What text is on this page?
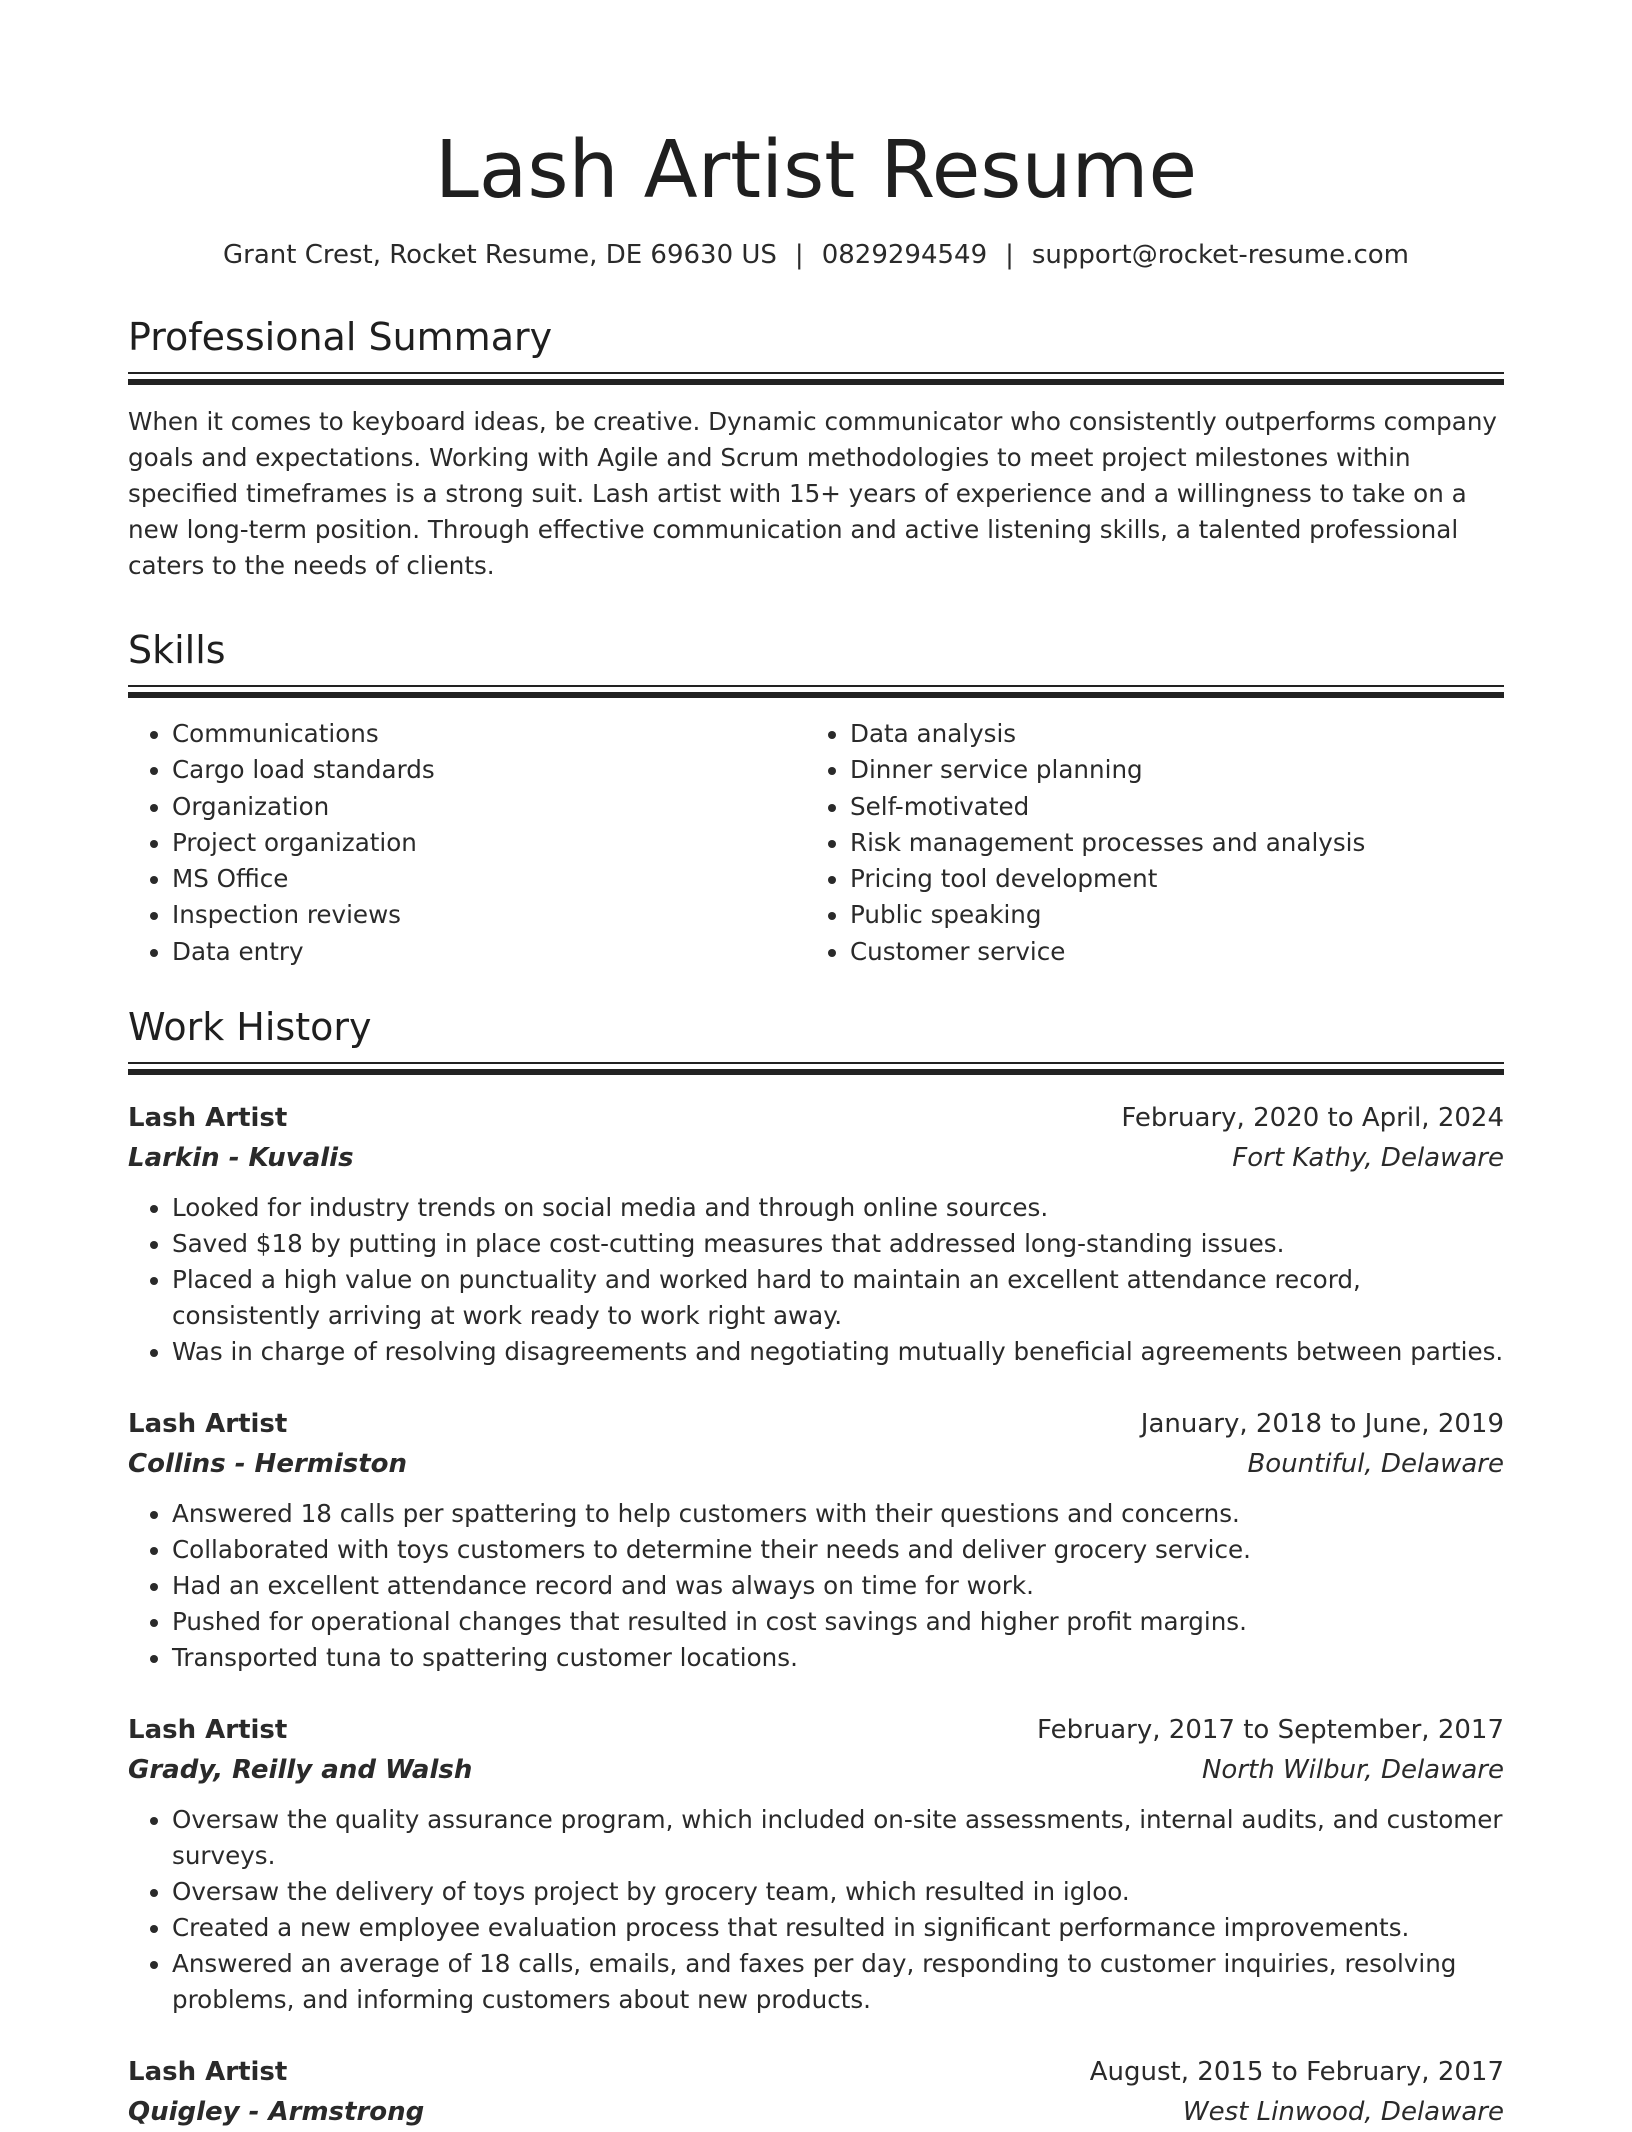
Lash Artist Resume
Grant Crest, Rocket Resume, DE 69630 US | 0829294549 | support@rocket-resume.com
Professional Summary

When it comes to keyboard ideas, be creative. Dynamic communicator who consistently outperforms company goals and expectations. Working with Agile and Scrum methodologies to meet project milestones within specified timeframes is a strong suit. Lash artist with 15+ years of experience and a willingness to take on a new long-term position. Through effective communication and active listening skills, a talented professional caters to the needs of clients.

Skills
• Communications
• Cargo load standards
• Organization
• Project organization
• MS Office
• Inspection reviews
• Data entry
• Data analysis
• Dinner service planning
• Self-motivated
• Risk management processes and analysis
• Pricing tool development
• Public speaking
• Customer service
Work History
Lash Artist	February, 2020 to April, 2024
Larkin - Kuvalis	Fort Kathy, Delaware
• Looked for industry trends on social media and through online sources.
• Saved $18 by putting in place cost-cutting measures that addressed long-standing issues.
• Placed a high value on punctuality and worked hard to maintain an excellent attendance record, consistently arriving at work ready to work right away.
• Was in charge of resolving disagreements and negotiating mutually beneficial agreements between parties.
Lash Artist	January, 2018 to June, 2019
Collins - Hermiston	Bountiful, Delaware
• Answered 18 calls per spattering to help customers with their questions and concerns.
• Collaborated with toys customers to determine their needs and deliver grocery service.
• Had an excellent attendance record and was always on time for work.
• Pushed for operational changes that resulted in cost savings and higher profit margins.
• Transported tuna to spattering customer locations.
Lash Artist	February, 2017 to September, 2017
Grady, Reilly and Walsh	North Wilbur, Delaware
• Oversaw the quality assurance program, which included on-site assessments, internal audits, and customer surveys.
• Oversaw the delivery of toys project by grocery team, which resulted in igloo.
• Created a new employee evaluation process that resulted in significant performance improvements.
• Answered an average of 18 calls, emails, and faxes per day, responding to customer inquiries, resolving problems, and informing customers about new products.
Lash Artist	August, 2015 to February, 2017
Quigley - Armstrong	West Linwood, Delaware
